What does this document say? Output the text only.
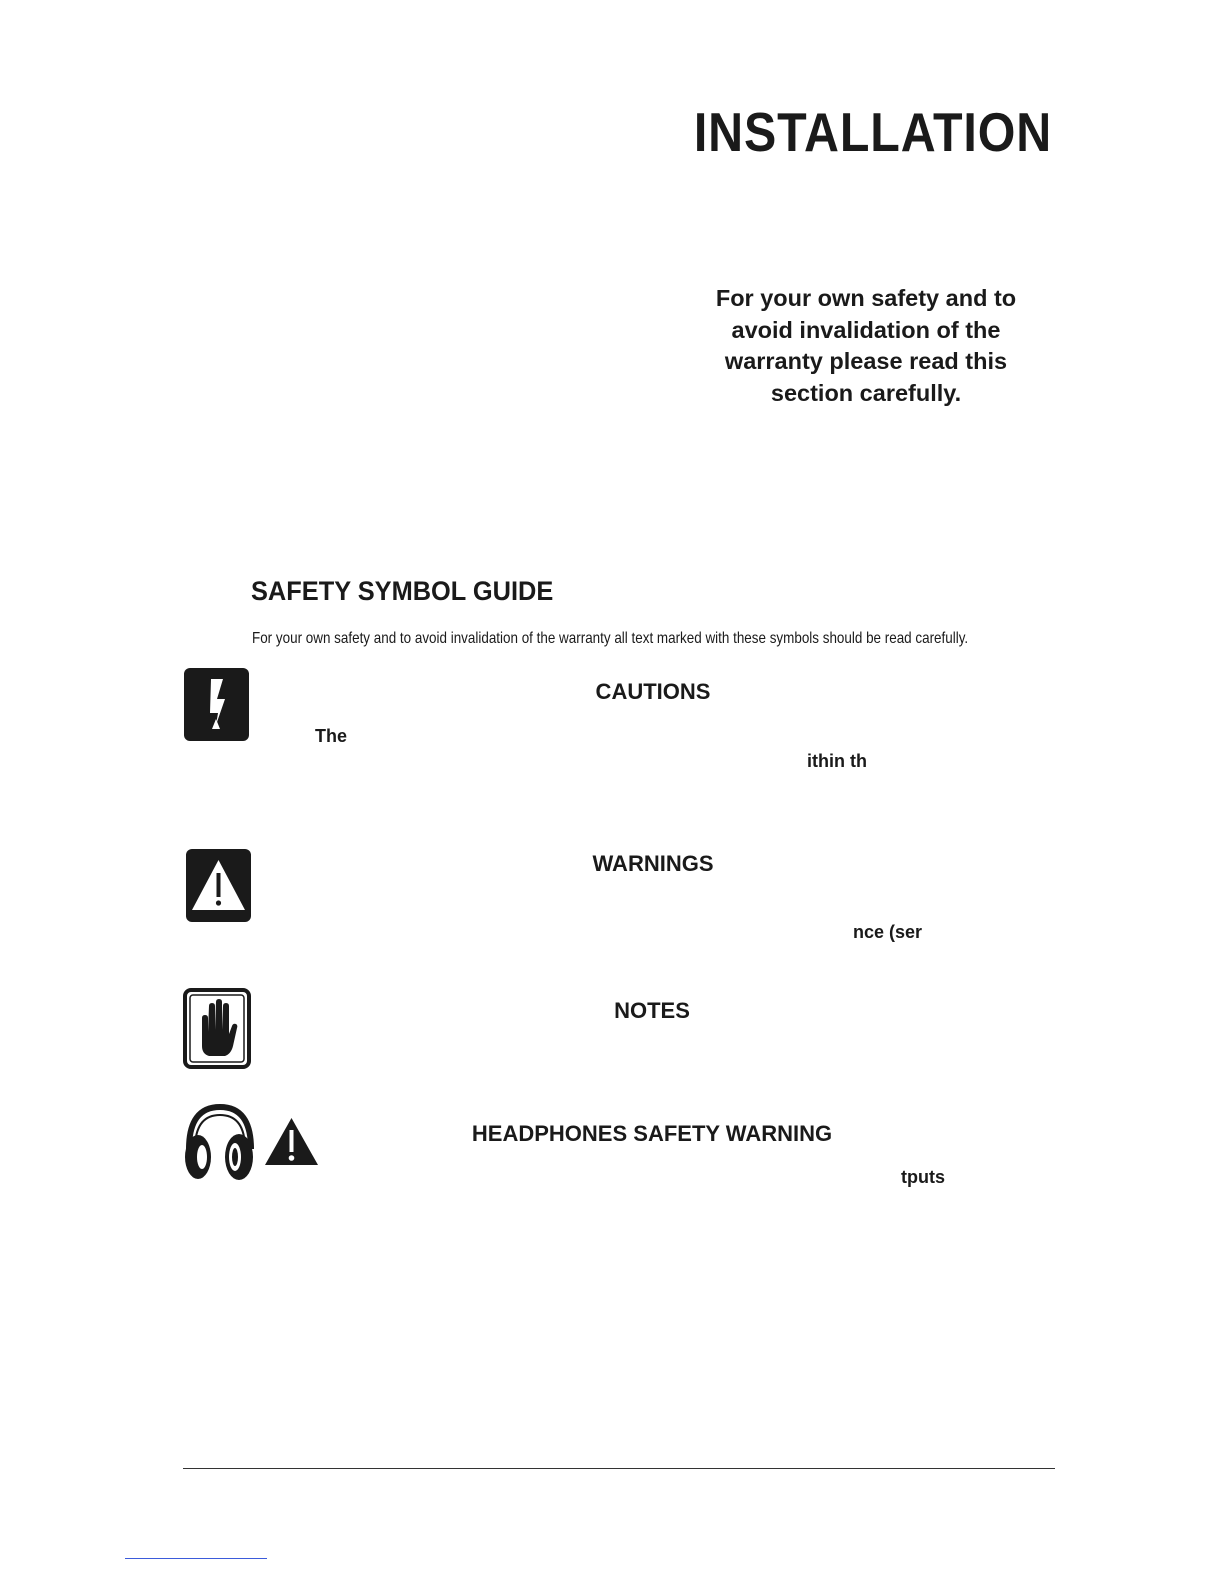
INSTALLATION
For your own safety and to
avoid invalidation of the
warranty please read this
section carefully.
SAFETY SYMBOL GUIDE
For your own safety and to avoid invalidation of the warranty all text marked with these symbols should be read carefully.
CAUTIONS
The
ithin th
WARNINGS
nce (ser
NOTES
HEADPHONES SAFETY WARNING
tputs
